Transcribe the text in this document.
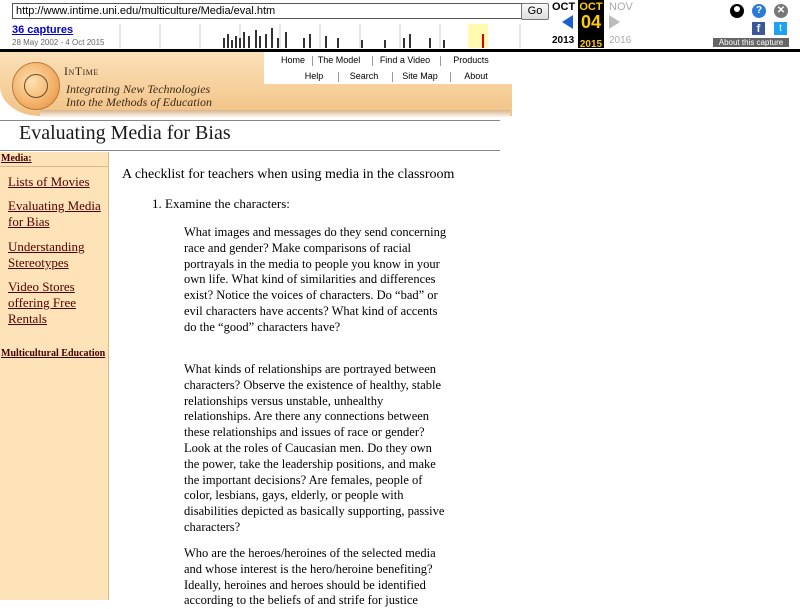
http://www.intime.uni.edu/multiculture/Media/eval.htm	Go
36 captures
28 May 2002 - 4 Oct 2015
OCT OCT
04
2015
NOV
2013	2016
?	✕
f	t
About this capture
InTime
Integrating New Technologies
Into the Methods of Education
Home	The Model	Find a Video	Products
Help	Search	Site Map	About
Evaluating Media for Bias
Media:
Lists of Movies
Evaluating Media for Bias
Understanding Stereotypes
Video Stores offering Free Rentals
Multicultural Education
A checklist for teachers when using media in the classroom
1. Examine the characters:

What images and messages do they send concerning race and gender? Make comparisons of racial portrayals in the media to people you know in your own life. What kind of similarities and differences exist? Notice the voices of characters. Do “bad” or evil characters have accents? What kind of accents do the “good” characters have?

What kinds of relationships are portrayed between characters? Observe the existence of healthy, stable relationships versus unstable, unhealthy relationships. Are there any connections between these relationships and issues of race or gender? Look at the roles of Caucasian men. Do they own the power, take the leadership positions, and make the important decisions? Are females, people of color, lesbians, gays, elderly, or people with disabilities depicted as basically supporting, passive characters?

Who are the heroes/heroines of the selected media and whose interest is the hero/heroine benefiting? Ideally, heroines and heroes should be identified according to the beliefs of and strife for justice
